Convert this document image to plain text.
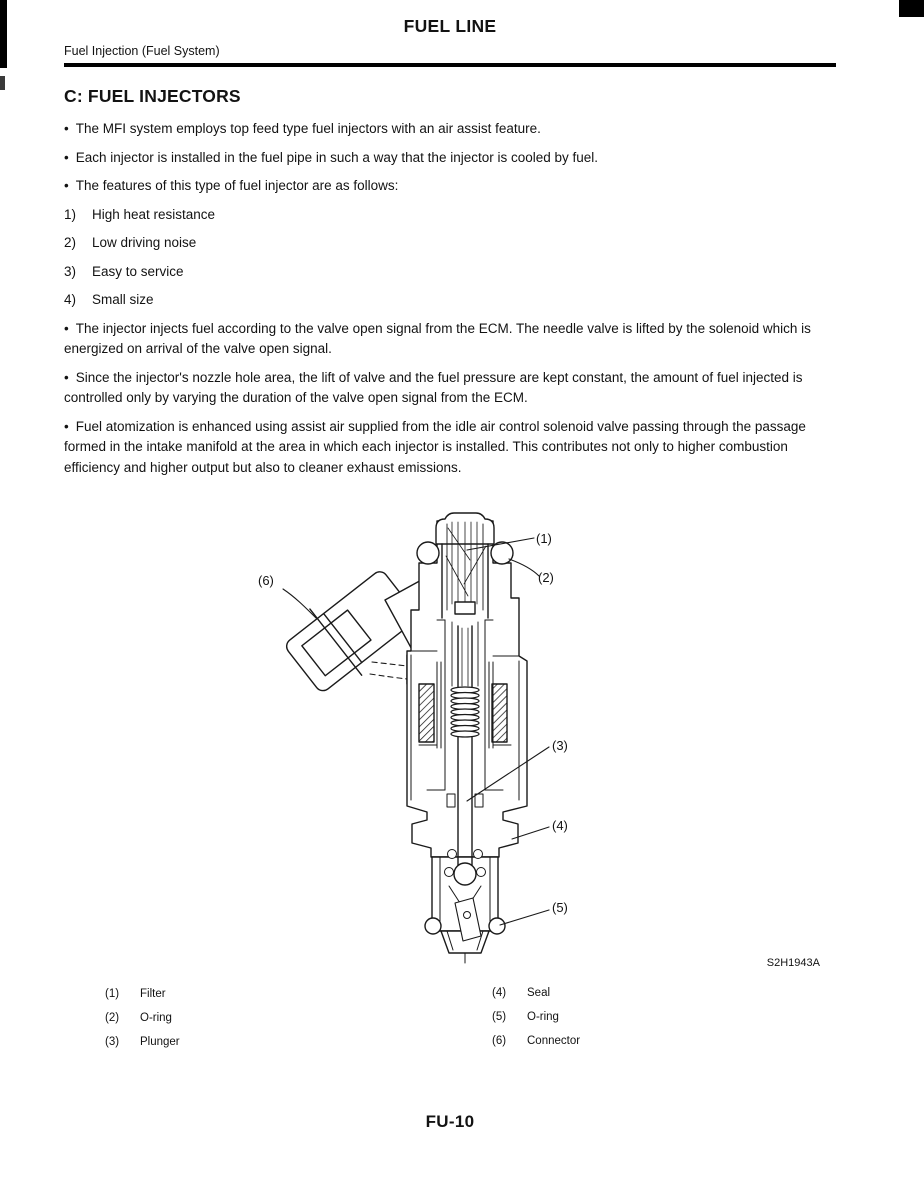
FUEL LINE
Fuel Injection (Fuel System)
C: FUEL INJECTORS

• The MFI system employs top feed type fuel injectors with an air assist feature.

• Each injector is installed in the fuel pipe in such a way that the injector is cooled by fuel.

• The features of this type of fuel injector are as follows:

1) High heat resistance

2) Low driving noise

3) Easy to service

4) Small size

• The injector injects fuel according to the valve open signal from the ECM. The needle valve is lifted by the solenoid which is energized on arrival of the valve open signal.

• Since the injector's nozzle hole area, the lift of valve and the fuel pressure are kept constant, the amount of fuel injected is controlled only by varying the duration of the valve open signal from the ECM.

• Fuel atomization is enhanced using assist air supplied from the idle air control solenoid valve passing through the passage formed in the intake manifold at the area in which each injector is installed. This contributes not only to higher combustion efficiency and higher output but also to cleaner exhaust emissions.

(1)
(2)
(3)
(4)
(5)
(6)
S2H1943A
(1)	Filter
(2)	O-ring
(3)	Plunger
(4)	Seal
(5)	O-ring
(6)	Connector
FU-10
